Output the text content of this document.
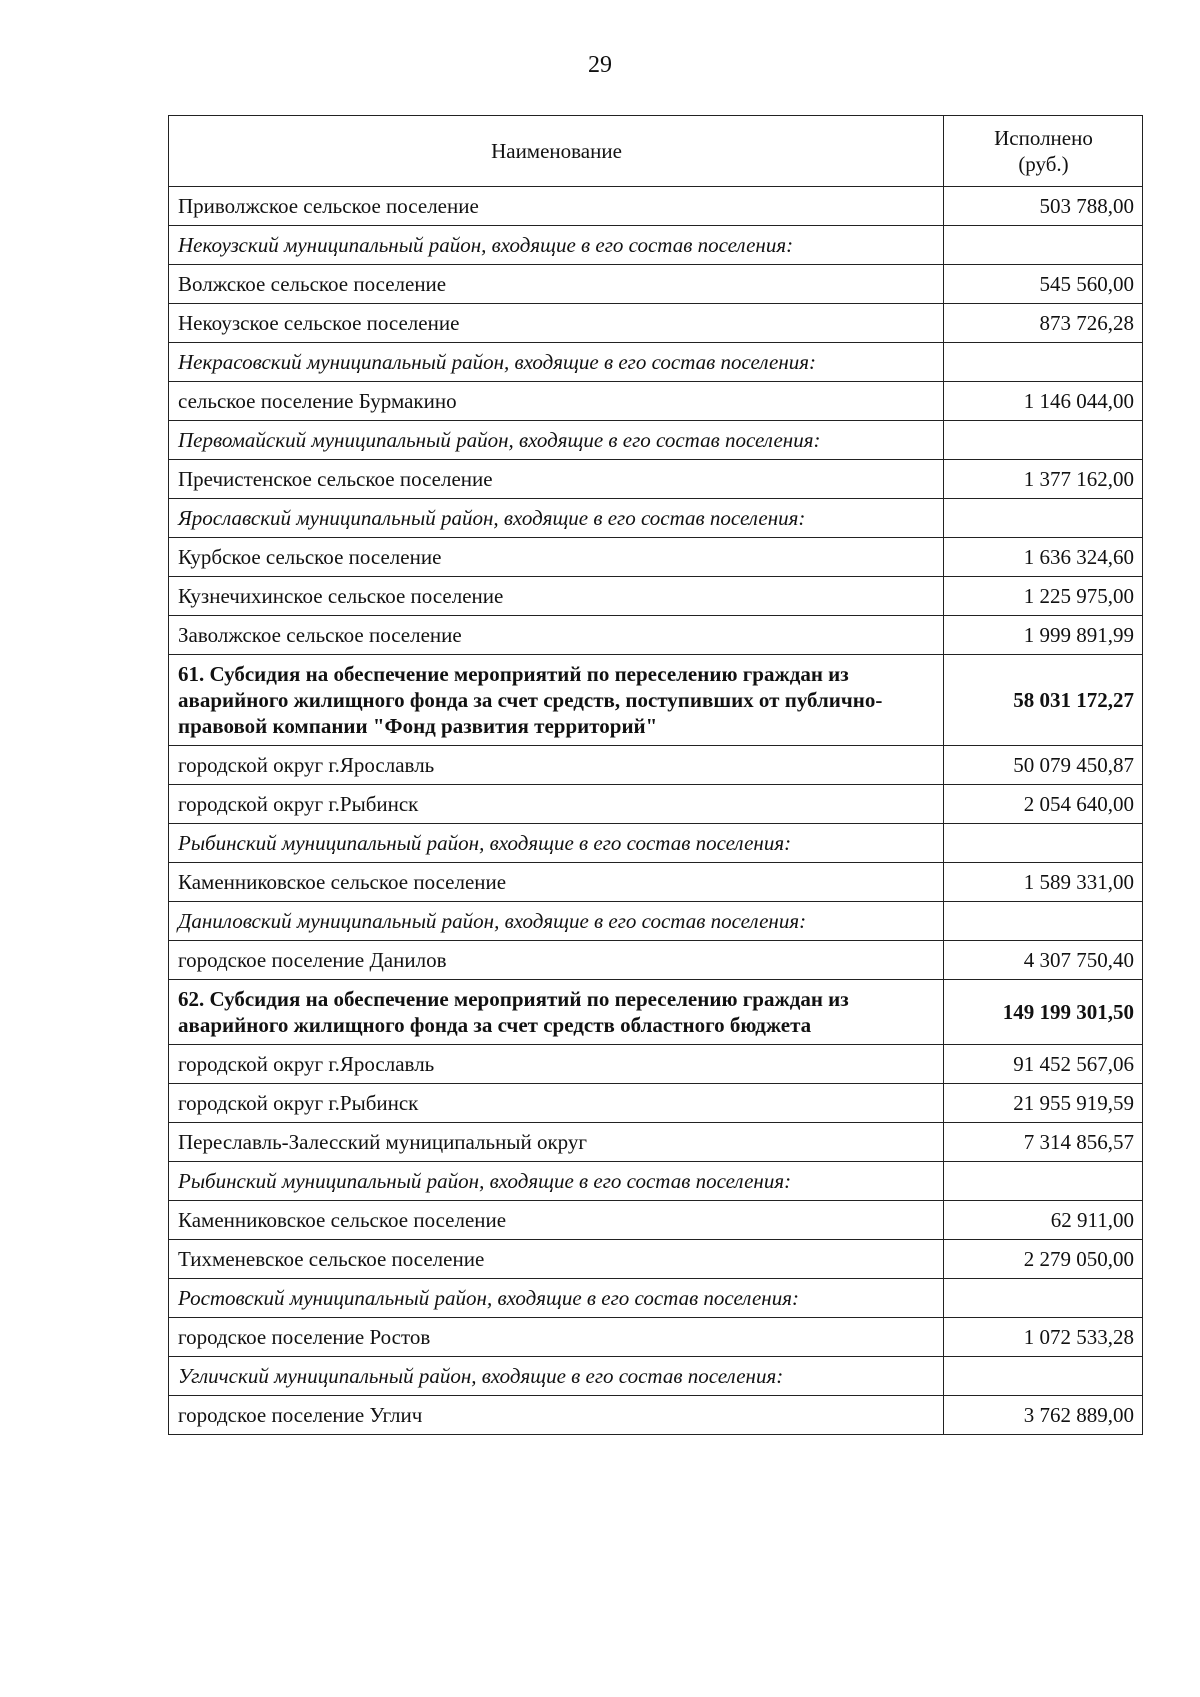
29
Наименование	Исполнено
(руб.)
Приволжское сельское поселение	503 788,00
Некоузский муниципальный район, входящие в его состав поселения:	
Волжское сельское поселение	545 560,00
Некоузское сельское поселение	873 726,28
Некрасовский муниципальный район, входящие в его состав поселения:	
сельское поселение Бурмакино	1 146 044,00
Первомайский муниципальный район, входящие в его состав поселения:	
Пречистенское сельское поселение	1 377 162,00
Ярославский муниципальный район, входящие в его состав поселения:	
Курбское сельское поселение	1 636 324,60
Кузнечихинское сельское поселение	1 225 975,00
Заволжское сельское поселение	1 999 891,99
61. Субсидия на обеспечение мероприятий по переселению граждан из аварийного жилищного фонда за счет средств, поступивших от публично-правовой компании "Фонд развития территорий"	58 031 172,27
городской округ г.Ярославль	50 079 450,87
городской округ г.Рыбинск	2 054 640,00
Рыбинский муниципальный район, входящие в его состав поселения:	
Каменниковское сельское поселение	1 589 331,00
Даниловский муниципальный район, входящие в его состав поселения:	
городское поселение Данилов	4 307 750,40
62. Субсидия на обеспечение мероприятий по переселению граждан из аварийного жилищного фонда за счет средств областного бюджета	149 199 301,50
городской округ г.Ярославль	91 452 567,06
городской округ г.Рыбинск	21 955 919,59
Переславль-Залесский муниципальный округ	7 314 856,57
Рыбинский муниципальный район, входящие в его состав поселения:	
Каменниковское сельское поселение	62 911,00
Тихменевское сельское поселение	2 279 050,00
Ростовский муниципальный район, входящие в его состав поселения:	
городское поселение Ростов	1 072 533,28
Угличский муниципальный район, входящие в его состав поселения:	
городское поселение Углич	3 762 889,00
